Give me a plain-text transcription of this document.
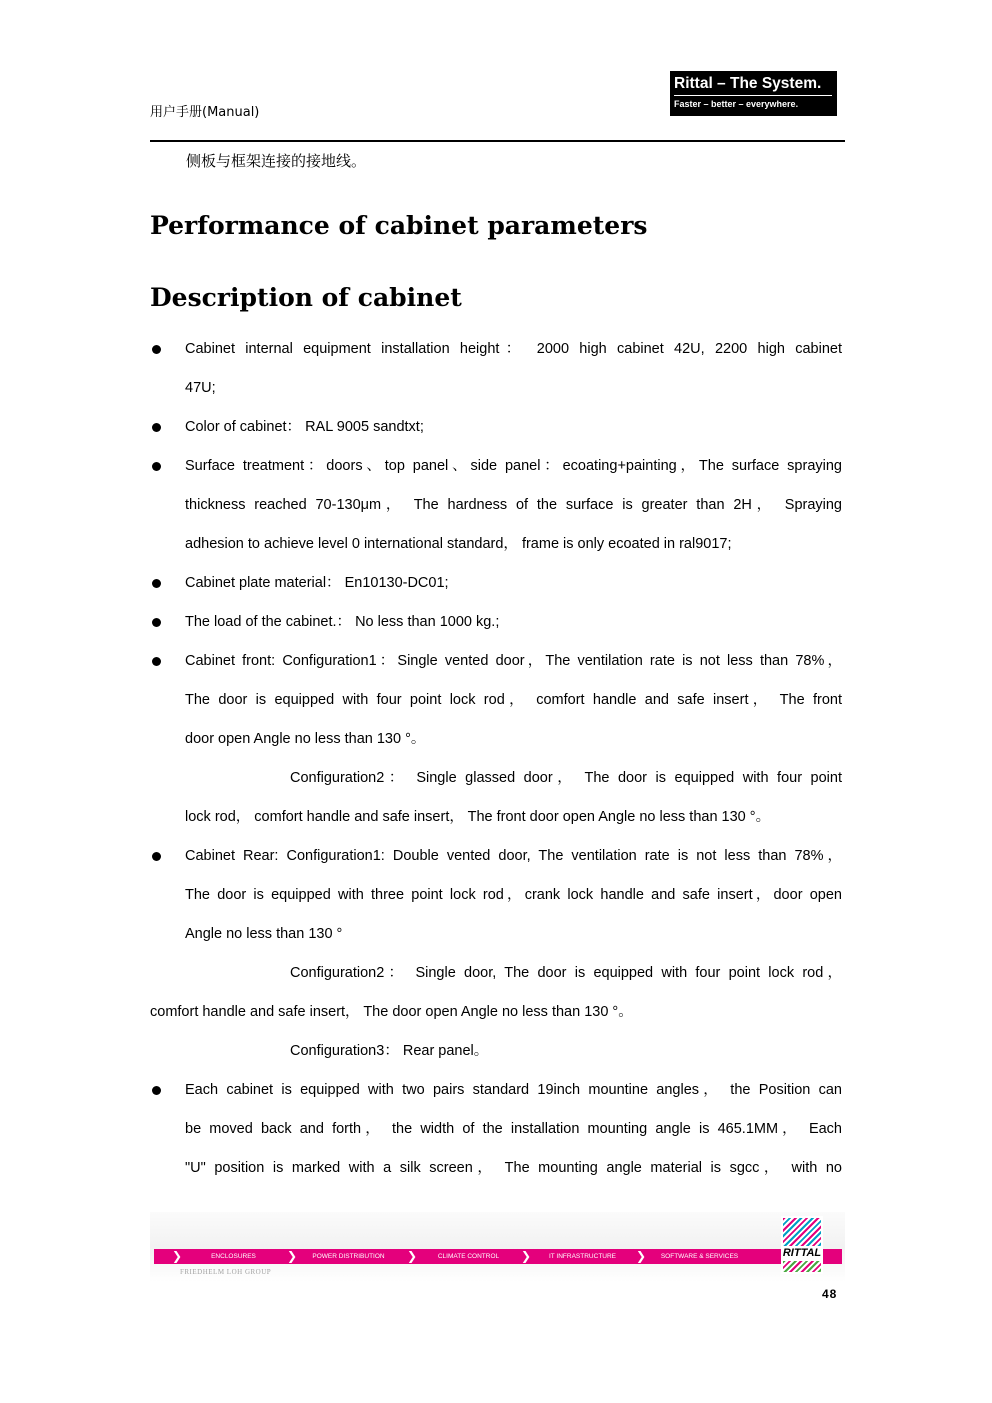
用户手册(Manual)
Rittal – The System.
Faster – better – everywhere.
侧板与框架连接的接地线。
Performance of cabinet parameters
Description of cabinet
Cabinet internal equipment installation height： 2000 high cabinet 42U, 2200 high cabinet
47U;
Color of cabinet： RAL 9005 sandtxt;
Surface treatment：doors、top panel、side panel：ecoating+painting，The surface spraying
thickness reached 70-130μm， The hardness of the surface is greater than 2H， Spraying
adhesion to achieve level 0 international standard， frame is only ecoated in ral9017;
Cabinet plate material： En10130-DC01;
The load of the cabinet.： No less than 1000 kg.;
Cabinet front: Configuration1：Single vented door，The ventilation rate is not less than 78%，
The door is equipped with four point lock rod， comfort handle and safe insert， The front
door open Angle no less than 130 °。
Configuration2： Single glassed door， The door is equipped with four point
lock rod， comfort handle and safe insert， The front door open Angle no less than 130 °。
Cabinet Rear: Configuration1: Double vented door, The ventilation rate is not less than 78%，
The door is equipped with three point lock rod，crank lock handle and safe insert，door open
Angle no less than 130 °
Configuration2： Single door, The door is equipped with four point lock rod，
comfort handle and safe insert， The door open Angle no less than 130 °。
Configuration3： Rear panel。
Each cabinet is equipped with two pairs standard 19inch mountine angles， the Position can
be moved back and forth， the width of the installation mounting angle is 465.1MM， Each
"U" position is marked with a silk screen， The mounting angle material is sgcc， with no
❯	ENCLOSURES	❯	POWER DISTRIBUTION	❯	CLIMATE CONTROL	❯	IT INFRASTRUCTURE	❯	SOFTWARE & SERVICES
FRIEDHELM LOH GROUP
RITTAL
48
